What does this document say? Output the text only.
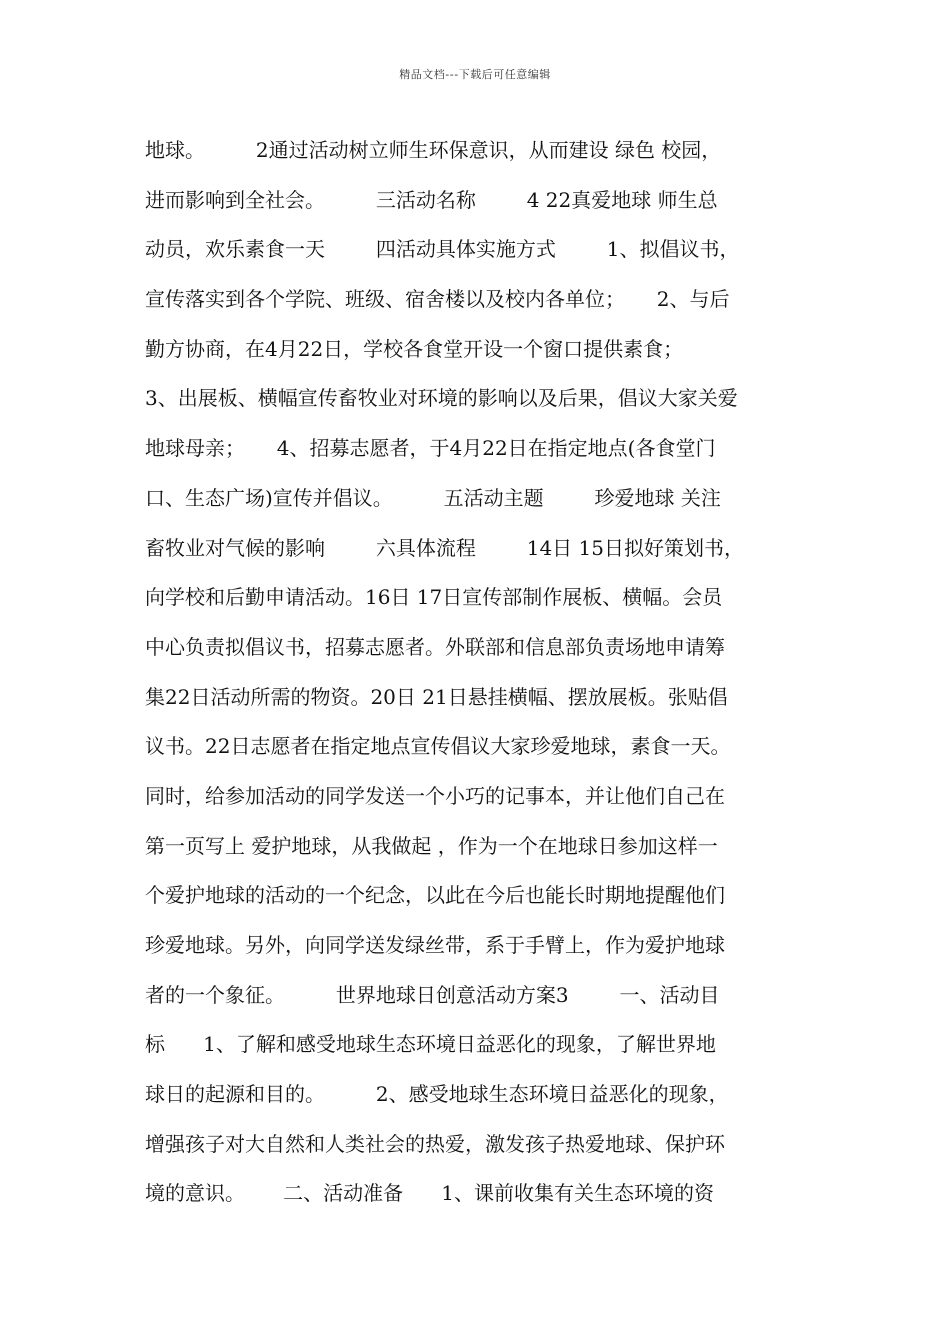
精品文档---下载后可任意编辑
地球。        2通过活动树立师生环保意识，从而建设 绿色 校园，
进而影响到全社会。        三活动名称        4 22真爱地球 师生总
动员，欢乐素食一天        四活动具体实施方式        1、拟倡议书，
宣传落实到各个学院、班级、宿舍楼以及校内各单位；     2、与后
勤方协商，在4月22日，学校各食堂开设一个窗口提供素食；
3、出展板、横幅宣传畜牧业对环境的影响以及后果，倡议大家关爱
地球母亲；     4、招募志愿者，于4月22日在指定地点(各食堂门
口、生态广场)宣传并倡议。        五活动主题        珍爱地球 关注
畜牧业对气候的影响        六具体流程        14日 15日拟好策划书，
向学校和后勤申请活动。16日 17日宣传部制作展板、横幅。会员
中心负责拟倡议书，招募志愿者。外联部和信息部负责场地申请筹
集22日活动所需的物资。20日 21日悬挂横幅、摆放展板。张贴倡
议书。22日志愿者在指定地点宣传倡议大家珍爱地球，素食一天。
同时，给参加活动的同学发送一个小巧的记事本，并让他们自己在
第一页写上 爱护地球，从我做起 ，作为一个在地球日参加这样一
个爱护地球的活动的一个纪念，以此在今后也能长时期地提醒他们
珍爱地球。另外，向同学送发绿丝带，系于手臂上，作为爱护地球
者的一个象征。        世界地球日创意活动方案3        一、活动目
标      1、了解和感受地球生态环境日益恶化的现象，了解世界地
球日的起源和目的。        2、感受地球生态环境日益恶化的现象，
增强孩子对大自然和人类社会的热爱，激发孩子热爱地球、保护环
境的意识。      二、活动准备      1、课前收集有关生态环境的资
